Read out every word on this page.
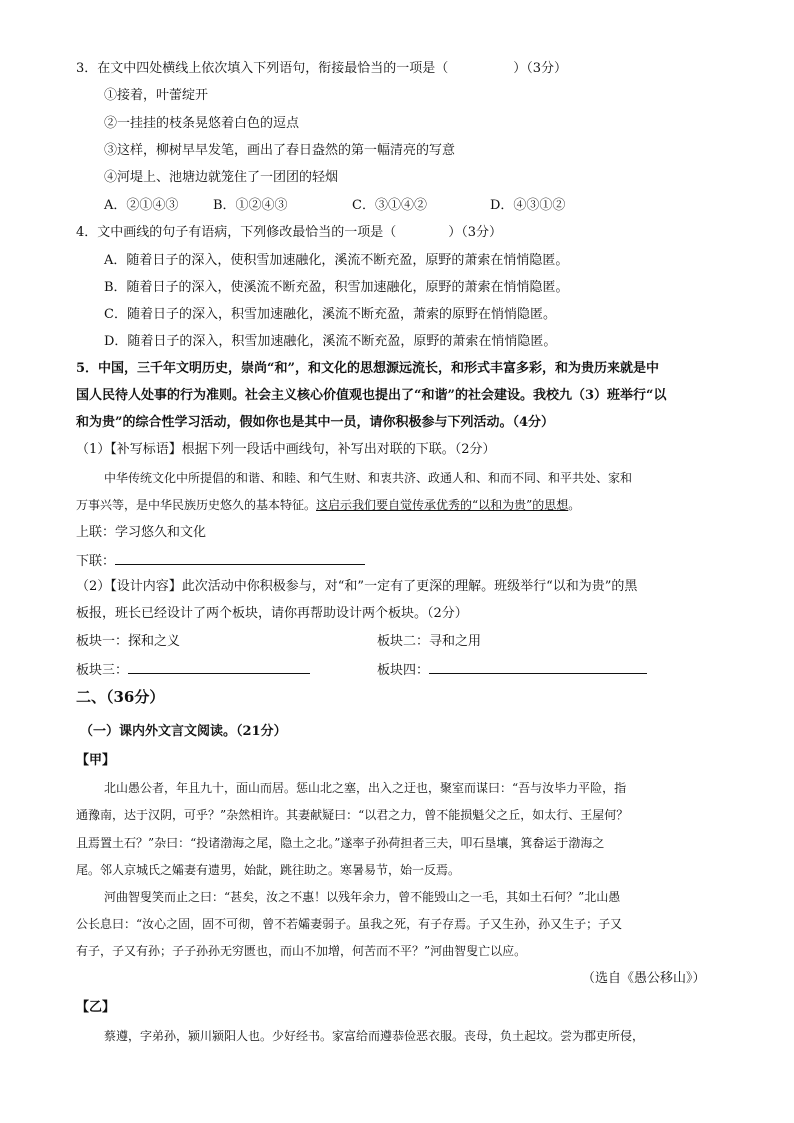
3．在文中四处横线上依次填入下列语句，衔接最恰当的一项是（　　　　　）（3分）
①接着，叶蕾绽开
②一挂挂的枝条晃悠着白色的逗点
③这样，柳树早早发笔，画出了春日盎然的第一幅清亮的写意
④河堤上、池塘边就笼住了一团团的轻烟
A．②①④③	B．①②④③	C．③①④②	D．④③①②
4．文中画线的句子有语病，下列修改最恰当的一项是（　　　　）（3分）
A．随着日子的深入，使积雪加速融化，溪流不断充盈，原野的萧索在悄悄隐匿。
B．随着日子的深入，使溪流不断充盈，积雪加速融化，原野的萧索在悄悄隐匿。
C．随着日子的深入，积雪加速融化，溪流不断充盈，萧索的原野在悄悄隐匿。
D．随着日子的深入，积雪加速融化，溪流不断充盈，原野的萧索在悄悄隐匿。
5．中国，三千年文明历史，崇尚“和”，和文化的思想源远流长，和形式丰富多彩，和为贵历来就是中
国人民待人处事的行为准则。社会主义核心价值观也提出了“和谐”的社会建设。我校九（3）班举行“以
和为贵”的综合性学习活动，假如你也是其中一员，请你积极参与下列活动。（4分）
（1）【补写标语】根据下列一段话中画线句，补写出对联的下联。（2分）
中华传统文化中所提倡的和谐、和睦、和气生财、和衷共济、政通人和、和而不同、和平共处、家和
万事兴等，是中华民族历史悠久的基本特征。这启示我们要自觉传承优秀的“以和为贵”的思想。
上联：学习悠久和文化
下联：
（2）【设计内容】此次活动中你积极参与，对“和”一定有了更深的理解。班级举行“以和为贵”的黑
板报，班长已经设计了两个板块，请你再帮助设计两个板块。（2分）
板块一：探和之义	板块二：寻和之用
板块三：	板块四：
二、（36分）
（一）课内外文言文阅读。（21分）
【甲】
北山愚公者，年且九十，面山而居。惩山北之塞，出入之迂也，聚室而谋曰：“吾与汝毕力平险，指
通豫南，达于汉阴，可乎？”杂然相许。其妻献疑曰：“以君之力，曾不能损魁父之丘，如太行、王屋何？
且焉置土石？”杂曰：“投诸渤海之尾，隐土之北。”遂率子孙荷担者三夫，叩石垦壤，箕畚运于渤海之
尾。邻人京城氏之孀妻有遗男，始龀，跳往助之。寒暑易节，始一反焉。
河曲智叟笑而止之曰：“甚矣，汝之不惠！以残年余力，曾不能毁山之一毛，其如土石何？”北山愚
公长息曰：“汝心之固，固不可彻，曾不若孀妻弱子。虽我之死，有子存焉。子又生孙，孙又生子；子又
有子，子又有孙；子子孙孙无穷匮也，而山不加增，何苦而不平？”河曲智叟亡以应。
（选自《愚公移山》）
【乙】
蔡遵，字弟孙，颍川颍阳人也。少好经书。家富给而遵恭俭恶衣服。丧母，负土起坟。尝为郡吏所侵，
